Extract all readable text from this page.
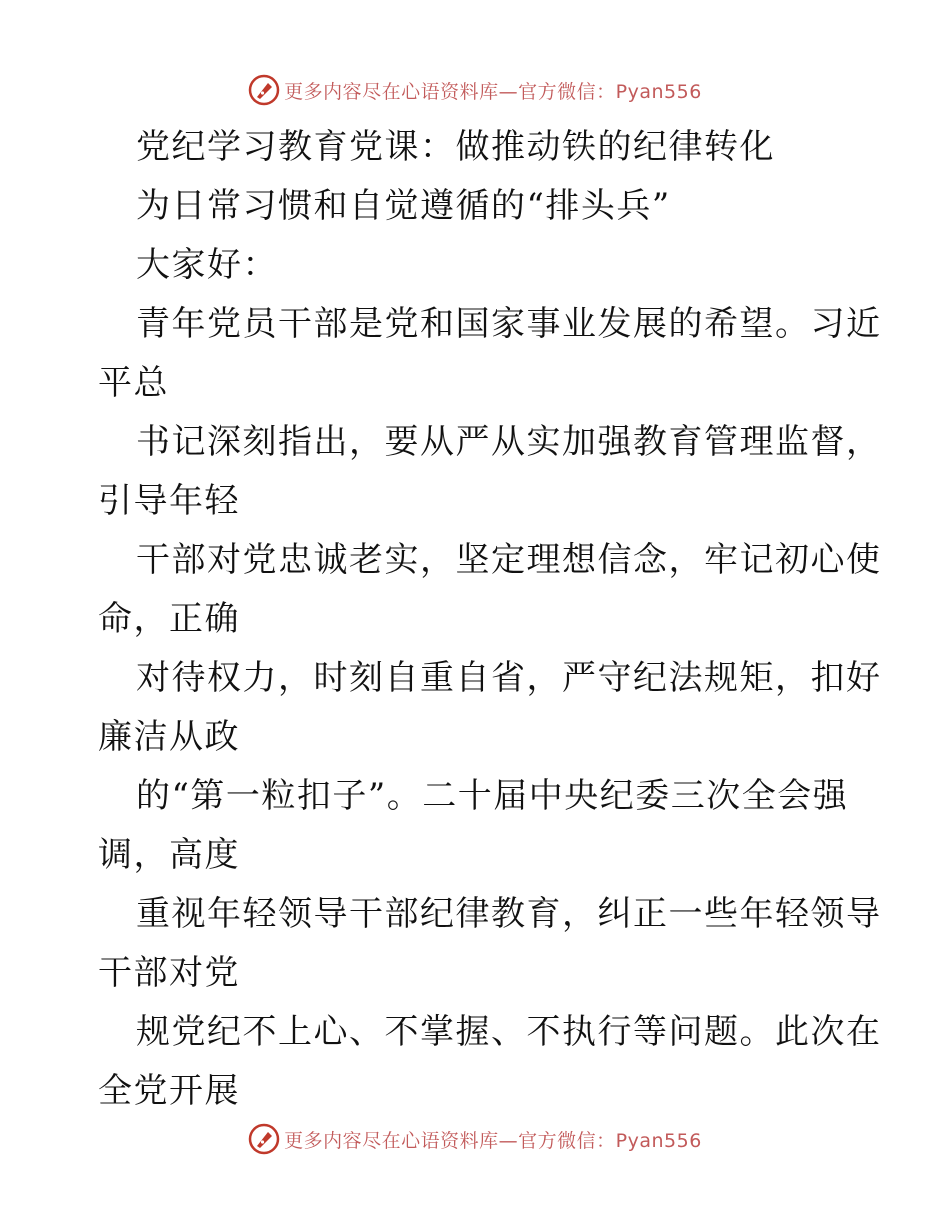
更多内容尽在心语资料库—官方微信：Pyan556
党纪学习教育党课：做推动铁的纪律转化
为日常习惯和自觉遵循的“排头兵”
大家好：
青年党员干部是党和国家事业发展的希望。习近
平总
书记深刻指出，要从严从实加强教育管理监督，
引导年轻
干部对党忠诚老实，坚定理想信念，牢记初心使
命，正确
对待权力，时刻自重自省，严守纪法规矩，扣好
廉洁从政
的“第一粒扣子”。二十届中央纪委三次全会强
调，高度
重视年轻领导干部纪律教育，纠正一些年轻领导
干部对党
规党纪不上心、不掌握、不执行等问题。此次在
全党开展
更多内容尽在心语资料库—官方微信：Pyan556
